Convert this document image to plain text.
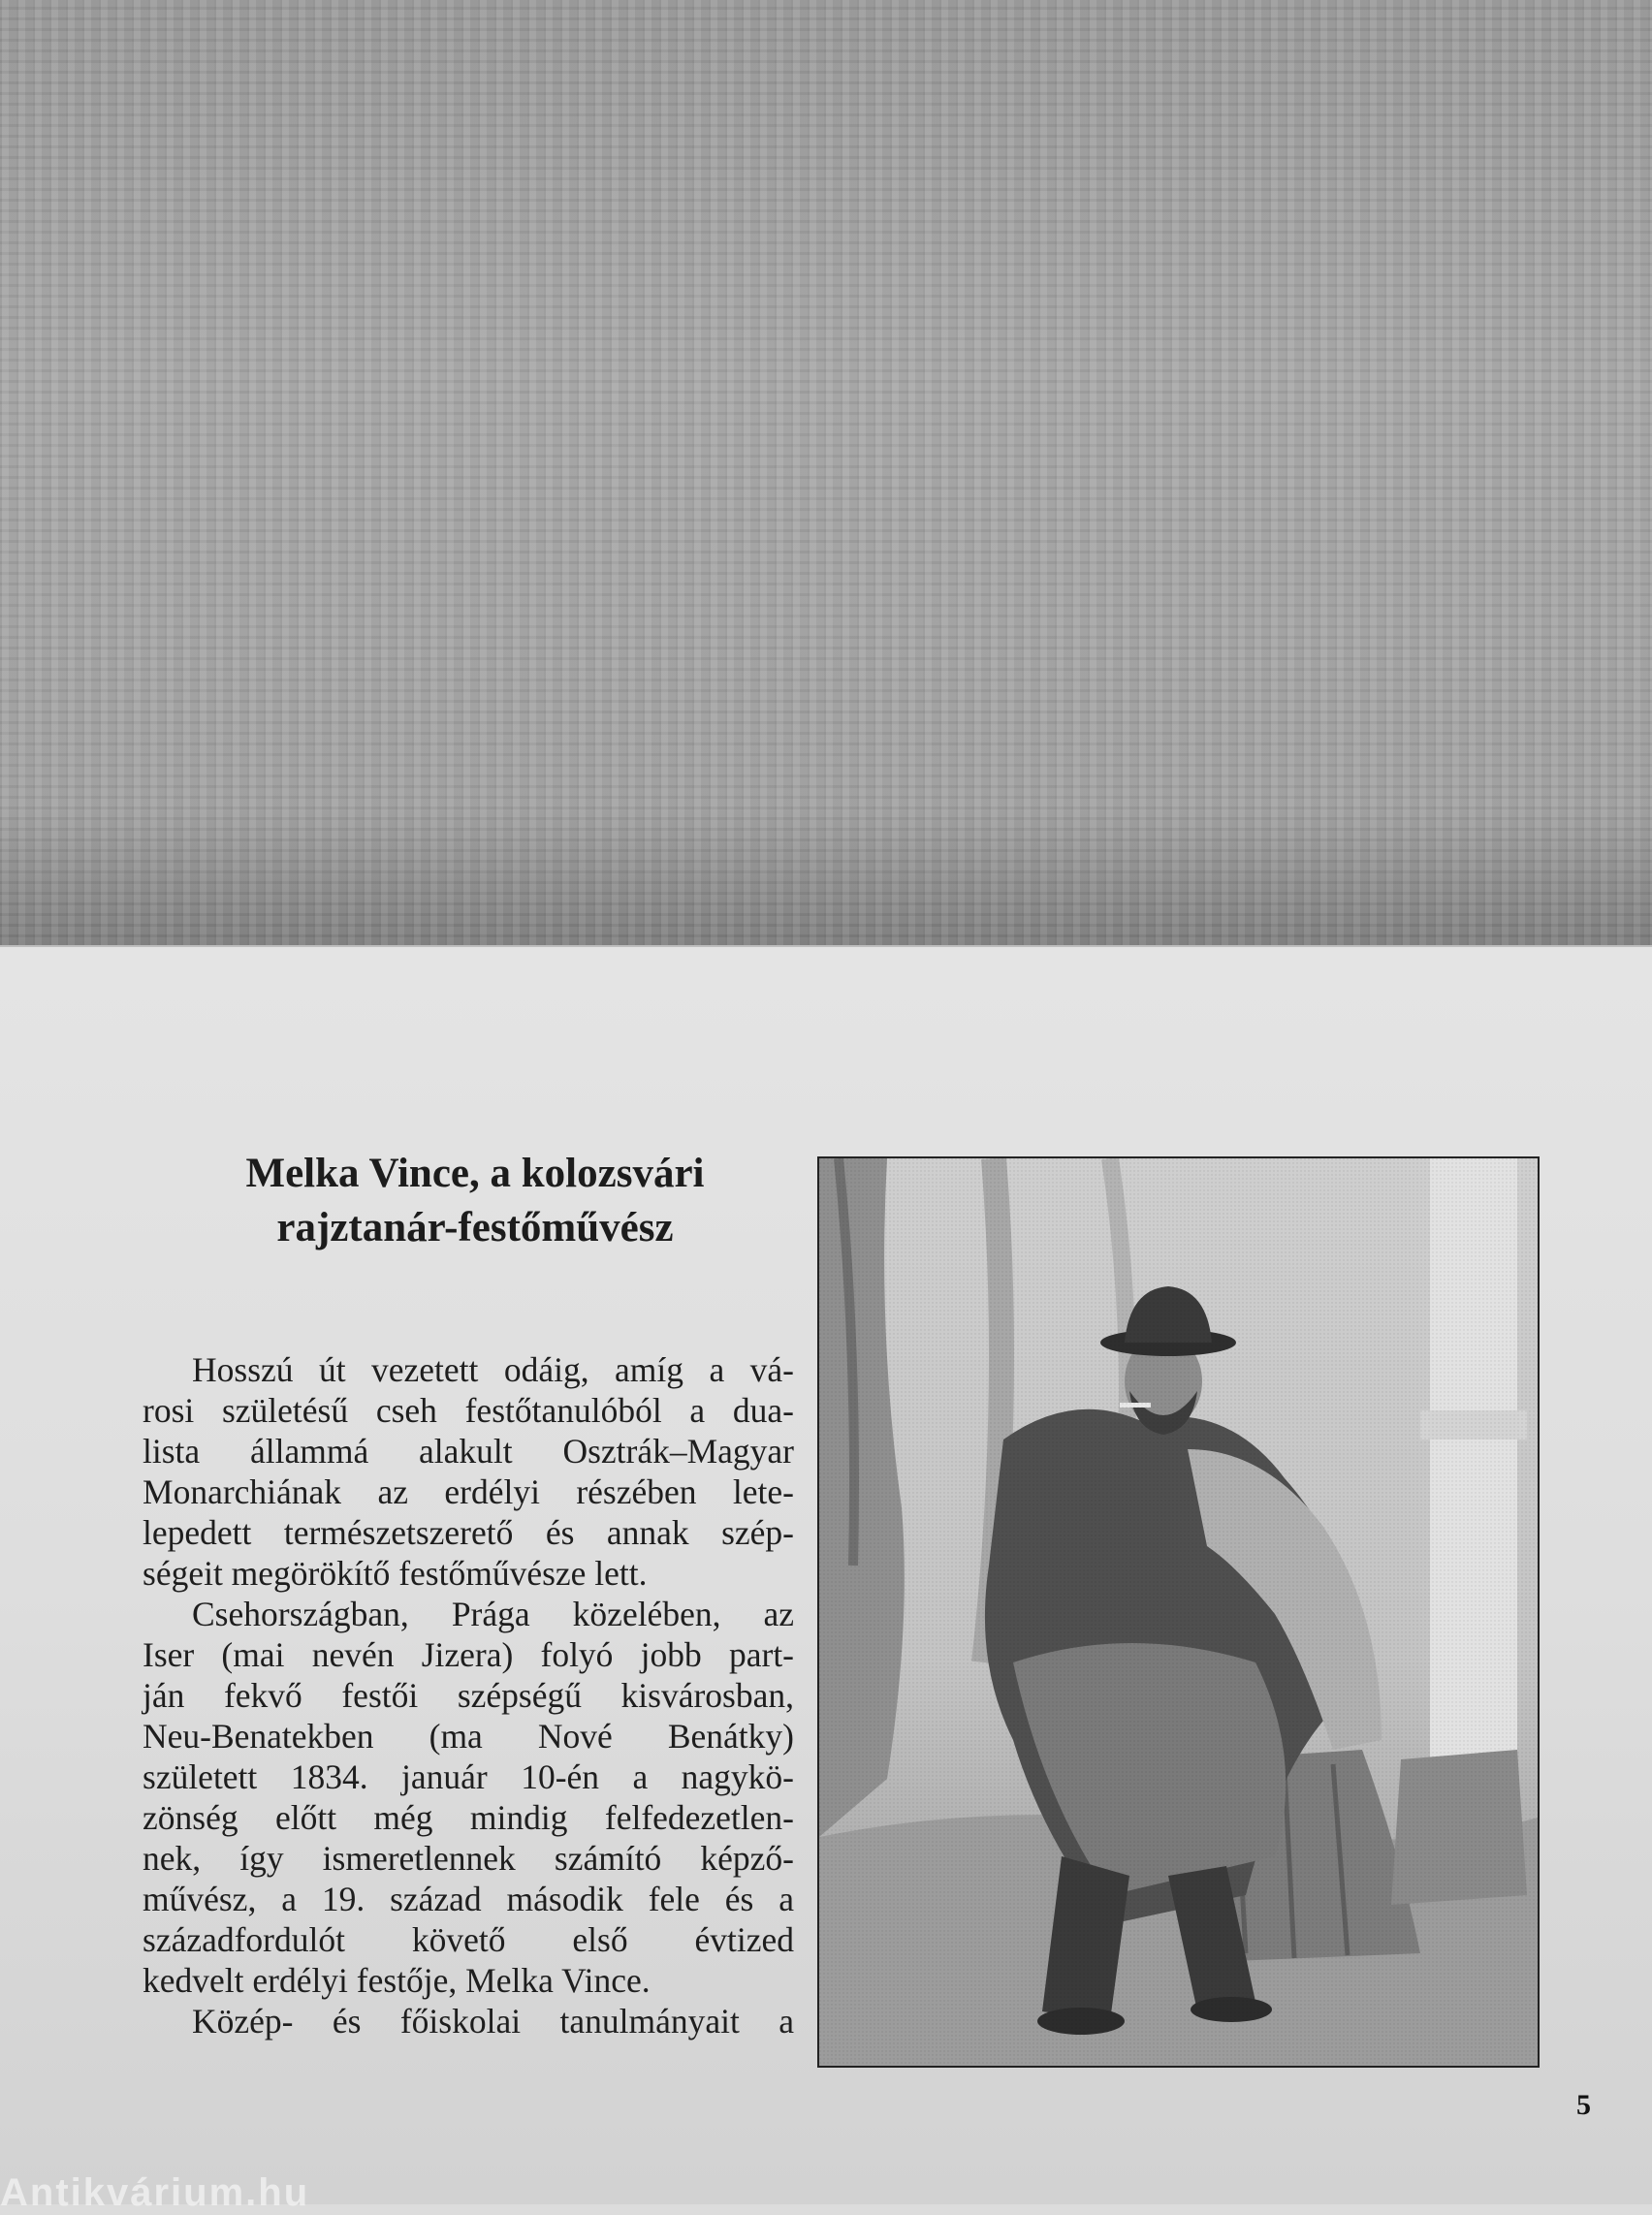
Melka Vince, a kolozsvári
rajztanár-festőművész
Hosszú út vezetett odáig, amíg a vá-
rosi születésű cseh festőtanulóból a dua-
lista állammá alakult Osztrák–Magyar
Monarchiának az erdélyi részében lete-
lepedett természetszerető és annak szép-
ségeit megörökítő festőművésze lett.
Csehországban, Prága közelében, az
Iser (mai nevén Jizera) folyó jobb part-
ján fekvő festői szépségű kisvárosban,
Neu-Benatekben (ma Nové Benátky)
született 1834. január 10-én a nagykö-
zönség előtt még mindig felfedezetlen-
nek, így ismeretlennek számító képző-
művész, a 19. század második fele és a
századfordulót követő első évtized
kedvelt erdélyi festője, Melka Vince.
Közép- és főiskolai tanulmányait a
5
Antikvárium.hu
